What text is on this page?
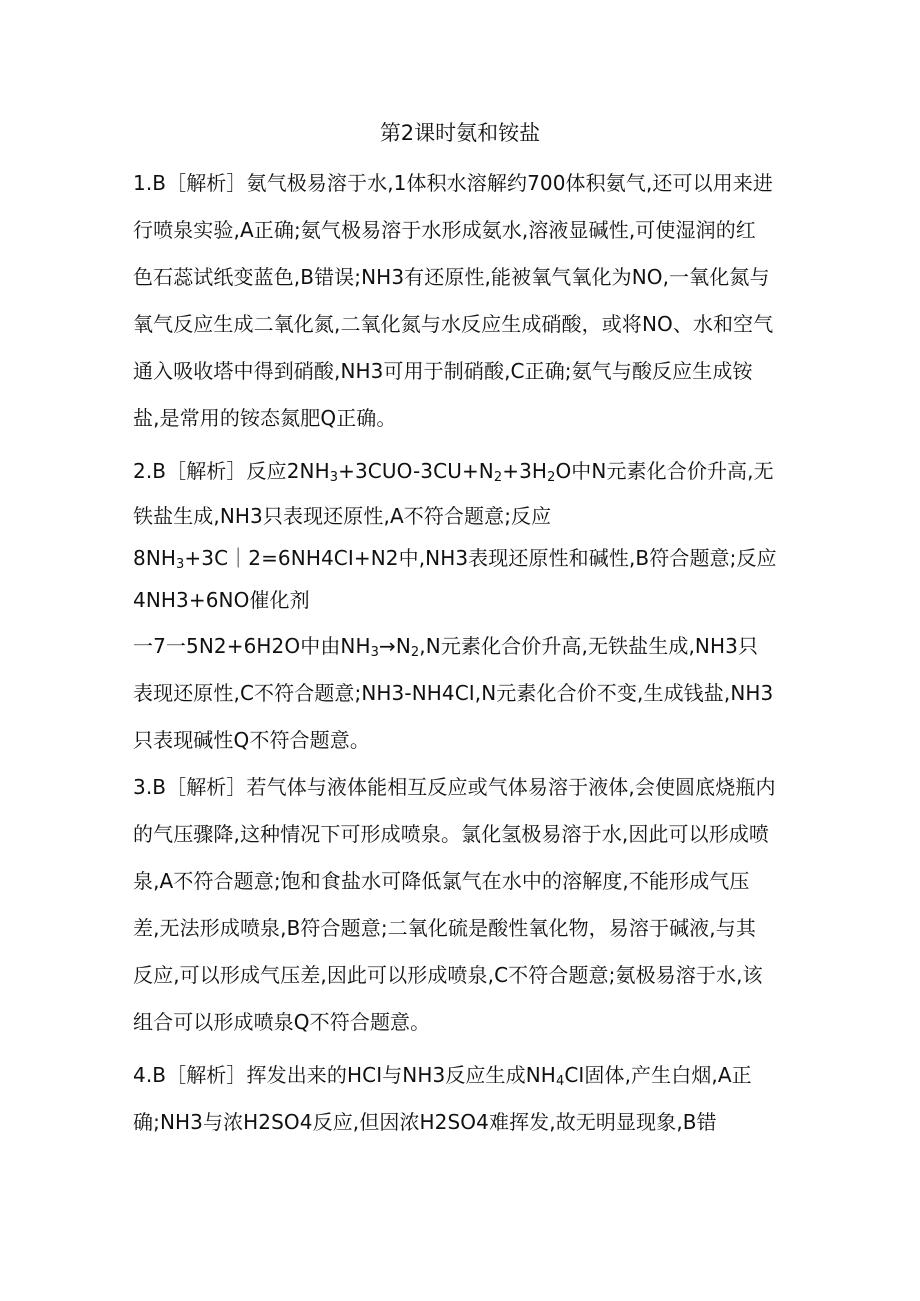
第2课时氨和铵盐
1.B［解析］氨气极易溶于水,1体积水溶解约700体积氨气,还可以用来进
行喷泉实验,A正确;氨气极易溶于水形成氨水,溶液显碱性,可使湿润的红
色石蕊试纸变蓝色,B错误;NH3有还原性,能被氧气氧化为NO,一氧化氮与
氧气反应生成二氧化氮,二氧化氮与水反应生成硝酸，或将NO、水和空气
通入吸收塔中得到硝酸,NH3可用于制硝酸,C正确;氨气与酸反应生成铵
盐,是常用的铵态氮肥Q正确。
2.B［解析］反应$2NH_3+3CUO-3CU+N_2+3H_2O$中N元素化合价升高,无
铁盐生成,NH3只表现还原性,A不符合题意;反应
$8NH_3+3C|2=6NH4CI+N2$中,NH3表现还原性和碱性,B符合题意;反应
4NH3+6NO催化剂
一7一5N2+6H2O中由$NH_3\to N_2,N$元素化合价升高,无铁盐生成,NH3只
表现还原性,C不符合题意;NH3-NH4CI,N元素化合价不变,生成钱盐,NH3
只表现碱性Q不符合题意。
3.B［解析］若气体与液体能相互反应或气体易溶于液体,会使圆底烧瓶内
的气压骤降,这种情况下可形成喷泉。氯化氢极易溶于水,因此可以形成喷
泉,A不符合题意;饱和食盐水可降低氯气在水中的溶解度,不能形成气压
差,无法形成喷泉,B符合题意;二氧化硫是酸性氧化物，易溶于碱液,与其
反应,可以形成气压差,因此可以形成喷泉,C不符合题意;氨极易溶于水,该
组合可以形成喷泉Q不符合题意。
4.B［解析］挥发出来的HCI与NH3反应生成$NH_4CI$固体,产生白烟,A正
确;NH3与浓H2SO4反应,但因浓H2SO4难挥发,故无明显现象,B错
